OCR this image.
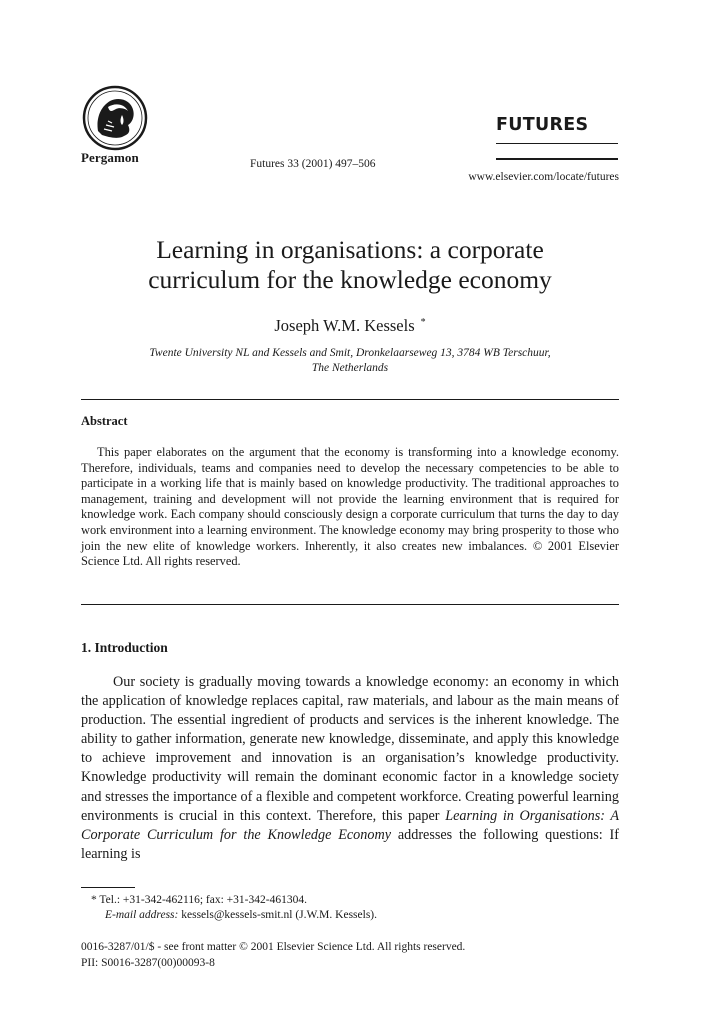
Pergamon	Futures 33 (2001) 497–506
FUTURES
www.elsevier.com/locate/futures
Learning in organisations: a corporate
curriculum for the knowledge economy
Joseph W.M. Kessels *
Twente University NL and Kessels and Smit, Dronkelaarseweg 13, 3784 WB Terschuur,
The Netherlands
Abstract

This paper elaborates on the argument that the economy is transforming into a knowledge economy. Therefore, individuals, teams and companies need to develop the necessary competencies to be able to participate in a working life that is mainly based on knowledge productivity. The traditional approaches to management, training and development will not provide the learning environment that is required for knowledge work. Each company should consciously design a corporate curriculum that turns the day to day work environment into a learning environment. The knowledge economy may bring prosperity to those who join the new elite of knowledge workers. Inherently, it also creates new imbalances. © 2001 Elsevier Science Ltd. All rights reserved.

1. Introduction

Our society is gradually moving towards a knowledge economy: an economy in which the application of knowledge replaces capital, raw materials, and labour as the main means of production. The essential ingredient of products and services is the inherent knowledge. The ability to gather information, generate new knowledge, disseminate, and apply this knowledge to achieve improvement and innovation is an organisation’s knowledge productivity. Knowledge productivity will remain the dominant economic factor in a knowledge society and stresses the importance of a flexible and competent workforce. Creating powerful learning environments is crucial in this context. Therefore, this paper Learning in Organisations: A Corporate Curriculum for the Knowledge Economy addresses the following questions: If learning is

* Tel.: +31-342-462116; fax: +31-342-461304.
E-mail address: kessels@kessels-smit.nl (J.W.M. Kessels).
0016-3287/01/$ - see front matter © 2001 Elsevier Science Ltd. All rights reserved.
PII: S0016-3287(00)00093-8
